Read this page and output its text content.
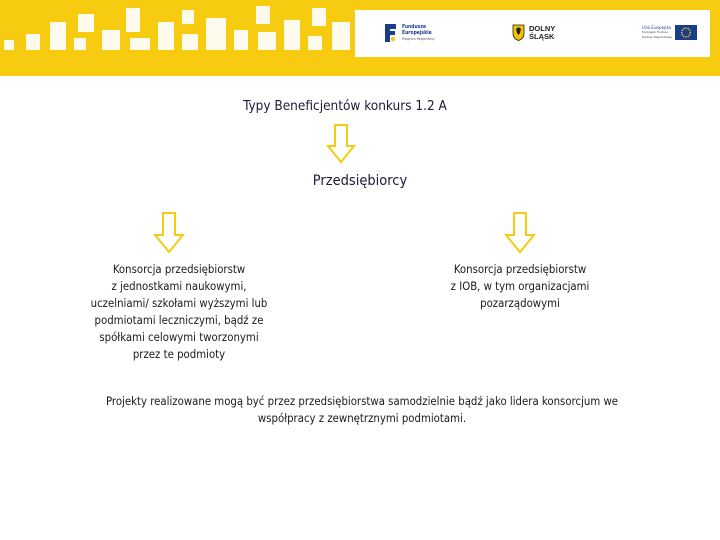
Fundusze
Europejskie
Program Regionalny
DOLNY
ŚLĄSK
Unia Europejska
Europejski Fundusz
Rozwoju Regionalnego
Typy Beneficjentów konkurs 1.2 A
Przedsiębiorcy
Konsorcja przedsiębiorstw
z jednostkami naukowymi,
uczelniami/ szkołami wyższymi lub
podmiotami leczniczymi, bądź ze
spółkami celowymi tworzonymi
przez te podmioty
Konsorcja przedsiębiorstw
z IOB, w tym organizacjami
pozarządowymi
Projekty realizowane mogą być przez przedsiębiorstwa samodzielnie bądź jako lidera konsorcjum we
współpracy z zewnętrznymi podmiotami.
